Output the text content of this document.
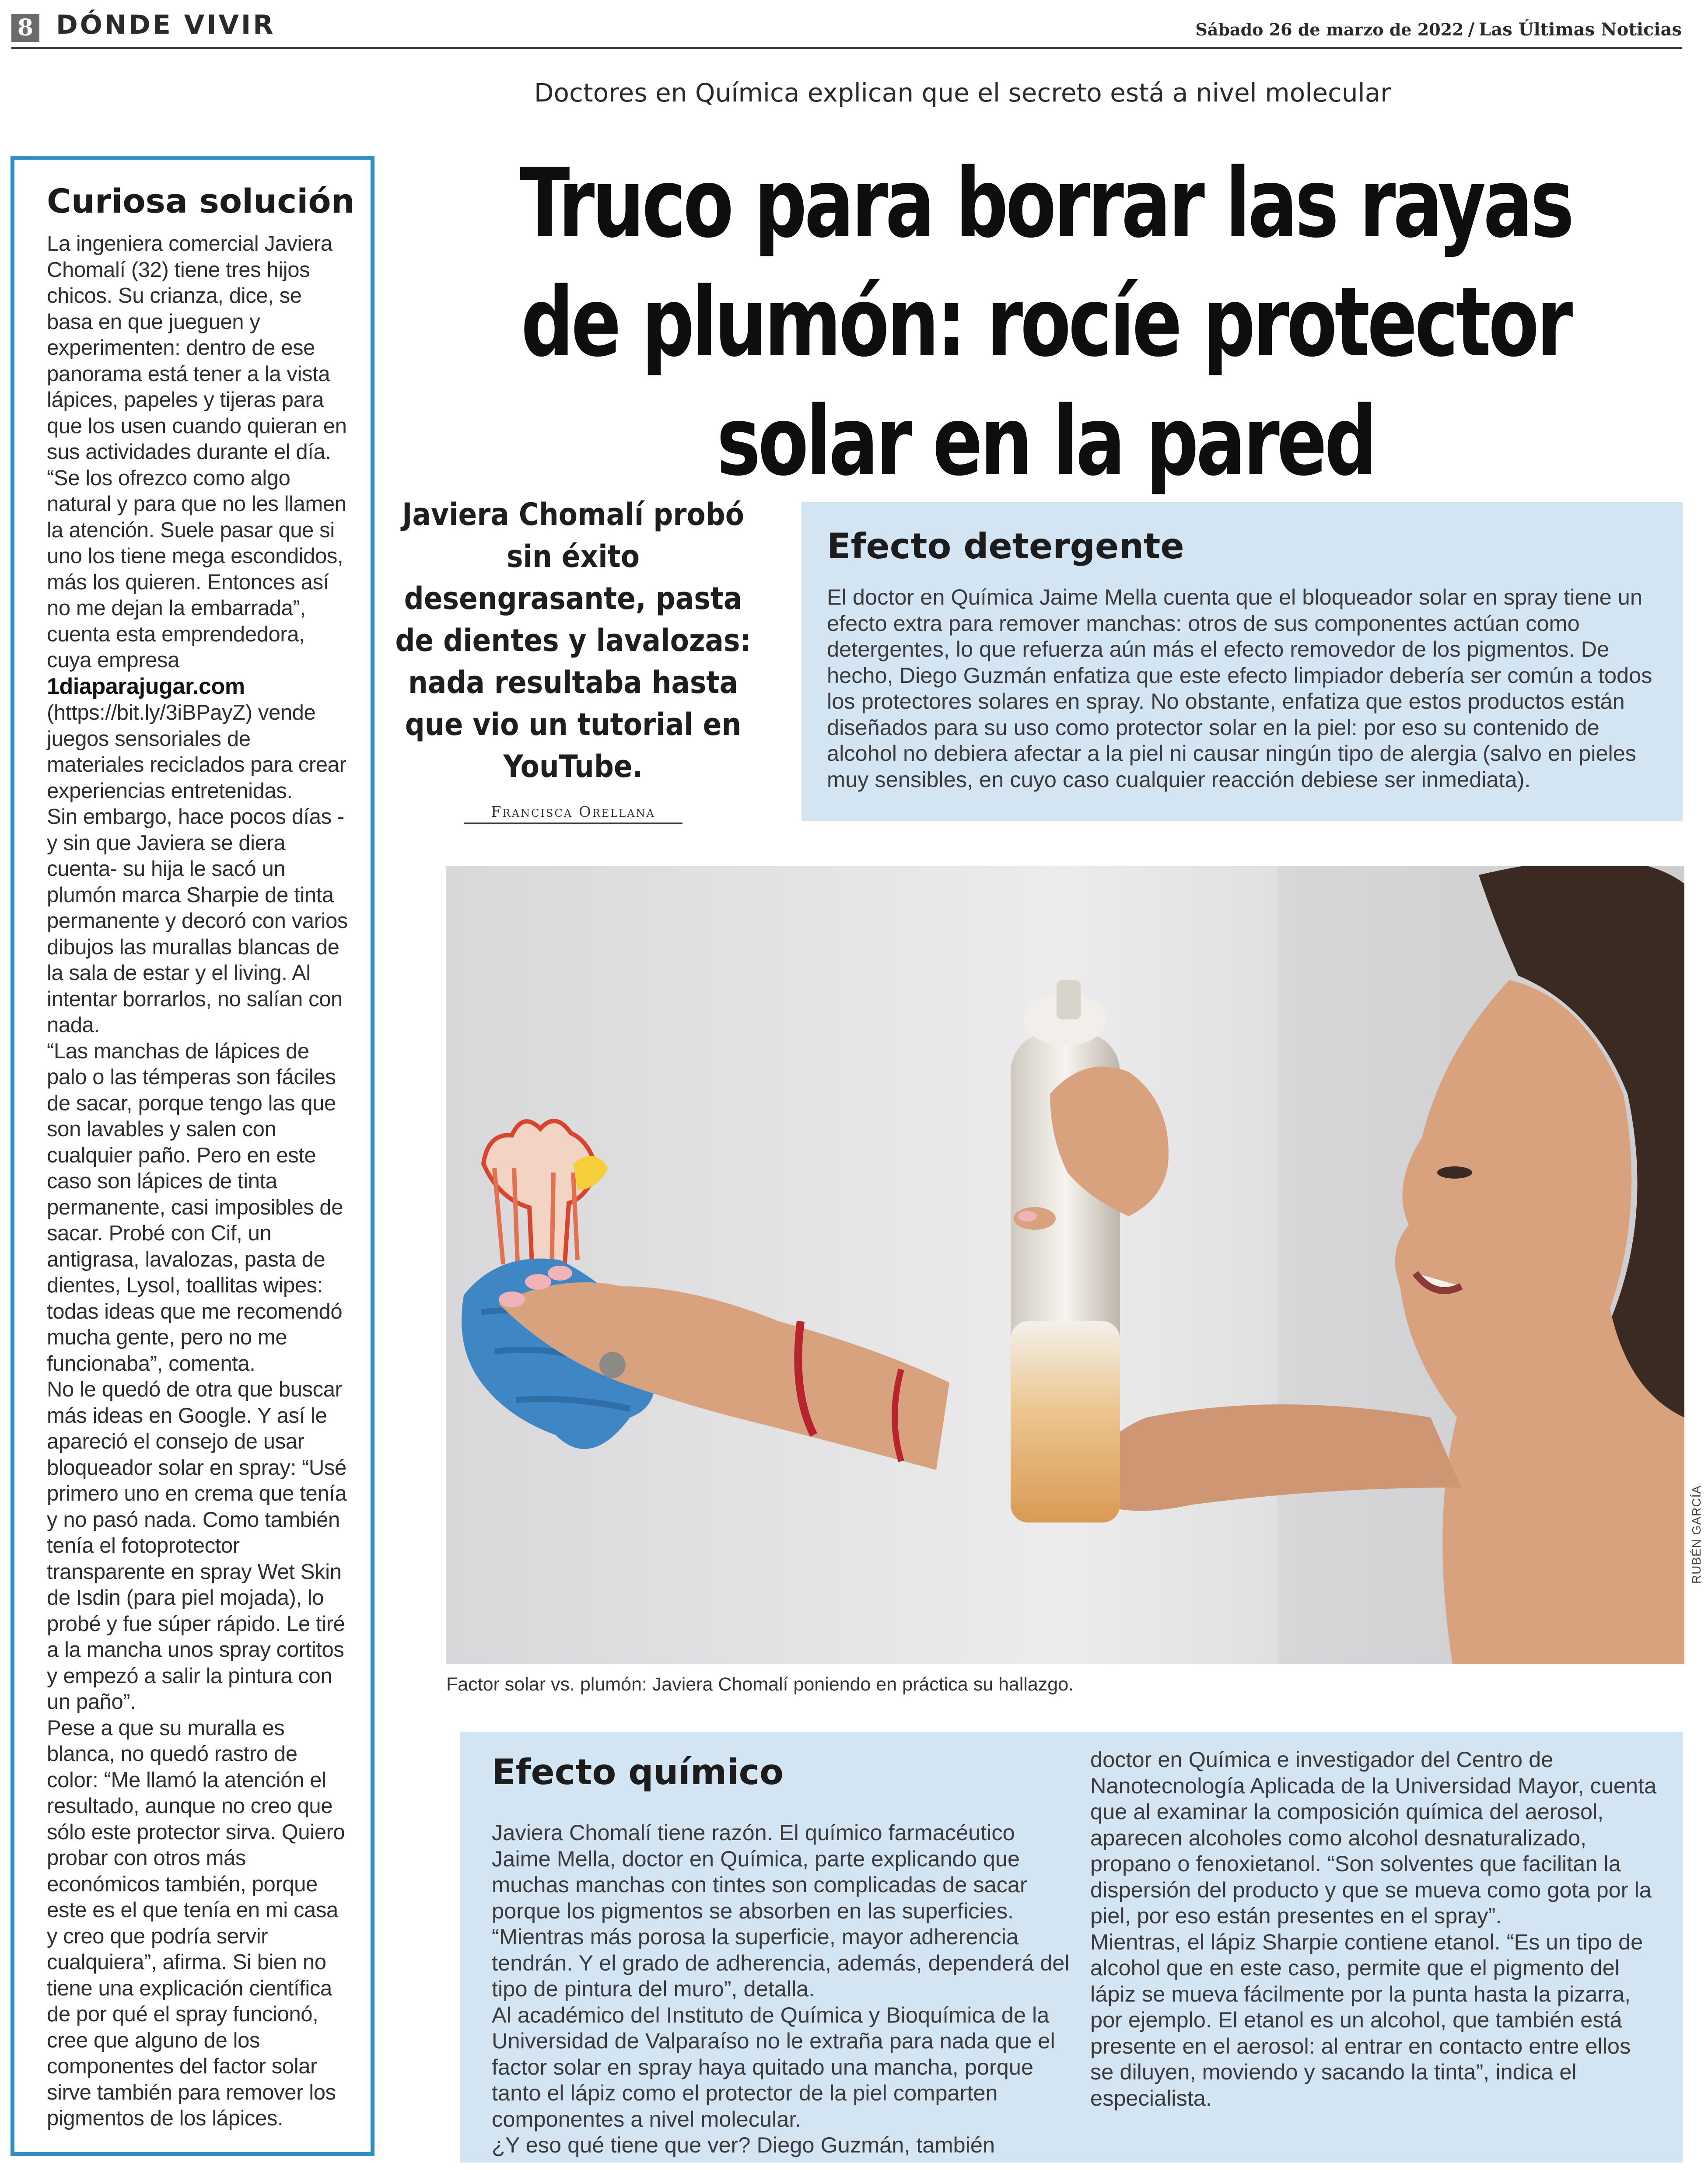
8 DÓNDE VIVIR	Sábado 26 de marzo de 2022 / Las Últimas Noticias
Doctores en Química explican que el secreto está a nivel molecular
Truco para borrar las rayas de plumón: rocíe protector solar en la pared
Curiosa solución
La ingeniera comercial Javiera Chomalí (32) tiene tres hijos chicos. Su crianza, dice, se basa en que jueguen y experimenten: dentro de ese panorama está tener a la vista lápices, papeles y tijeras para que los usen cuando quieran en sus actividades durante el día. “Se los ofrezco como algo natural y para que no les llamen la atención. Suele pasar que si uno los tiene mega escondidos, más los quieren. Entonces así no me dejan la embarrada”, cuenta esta emprendedora, cuya empresa
1diaparajugar.com
(https://bit.ly/3iBPayZ) vende juegos sensoriales de materiales reciclados para crear experiencias entretenidas.
Sin embargo, hace pocos días -y sin que Javiera se diera cuenta- su hija le sacó un plumón marca Sharpie de tinta permanente y decoró con varios dibujos las murallas blancas de la sala de estar y el living. Al intentar borrarlos, no salían con nada.
“Las manchas de lápices de palo o las témperas son fáciles de sacar, porque tengo las que son lavables y salen con cualquier paño. Pero en este caso son lápices de tinta permanente, casi imposibles de sacar. Probé con Cif, un antigrasa, lavalozas, pasta de dientes, Lysol, toallitas wipes: todas ideas que me recomendó mucha gente, pero no me funcionaba”, comenta.
No le quedó de otra que buscar más ideas en Google. Y así le apareció el consejo de usar bloqueador solar en spray: “Usé primero uno en crema que tenía y no pasó nada. Como también tenía el fotoprotector transparente en spray Wet Skin de Isdin (para piel mojada), lo probé y fue súper rápido. Le tiré a la mancha unos spray cortitos y empezó a salir la pintura con un paño”.
Pese a que su muralla es blanca, no quedó rastro de color: “Me llamó la atención el resultado, aunque no creo que sólo este protector sirva. Quiero probar con otros más económicos también, porque este es el que tenía en mi casa y creo que podría servir cualquiera”, afirma. Si bien no tiene una explicación científica de por qué el spray funcionó, cree que alguno de los componentes del factor solar sirve también para remover los pigmentos de los lápices.
Javiera Chomalí probó sin éxito desengrasante, pasta de dientes y lavalozas: nada resultaba hasta que vio un tutorial en YouTube.
Francisca Orellana
Efecto detergente
El doctor en Química Jaime Mella cuenta que el bloqueador solar en spray tiene un efecto extra para remover manchas: otros de sus componentes actúan como detergentes, lo que refuerza aún más el efecto removedor de los pigmentos. De hecho, Diego Guzmán enfatiza que este efecto limpiador debería ser común a todos los protectores solares en spray. No obstante, enfatiza que estos productos están diseñados para su uso como protector solar en la piel: por eso su contenido de alcohol no debiera afectar a la piel ni causar ningún tipo de alergia (salvo en pieles muy sensibles, en cuyo caso cualquier reacción debiese ser inmediata).
RUBÉN GARCÍA
Factor solar vs. plumón: Javiera Chomalí poniendo en práctica su hallazgo.
Efecto químico
Javiera Chomalí tiene razón. El químico farmacéutico Jaime Mella, doctor en Química, parte explicando que muchas manchas con tintes son complicadas de sacar porque los pigmentos se absorben en las superficies. “Mientras más porosa la superficie, mayor adherencia tendrán. Y el grado de adherencia, además, dependerá del tipo de pintura del muro”, detalla.
Al académico del Instituto de Química y Bioquímica de la Universidad de Valparaíso no le extraña para nada que el factor solar en spray haya quitado una mancha, porque tanto el lápiz como el protector de la piel comparten componentes a nivel molecular.
¿Y eso qué tiene que ver? Diego Guzmán, también
doctor en Química e investigador del Centro de Nanotecnología Aplicada de la Universidad Mayor, cuenta que al examinar la composición química del aerosol, aparecen alcoholes como alcohol desnaturalizado, propano o fenoxietanol. “Son solventes que facilitan la dispersión del producto y que se mueva como gota por la piel, por eso están presentes en el spray”.
Mientras, el lápiz Sharpie contiene etanol. “Es un tipo de alcohol que en este caso, permite que el pigmento del lápiz se mueva fácilmente por la punta hasta la pizarra, por ejemplo. El etanol es un alcohol, que también está presente en el aerosol: al entrar en contacto entre ellos se diluyen, moviendo y sacando la tinta”, indica el especialista.
